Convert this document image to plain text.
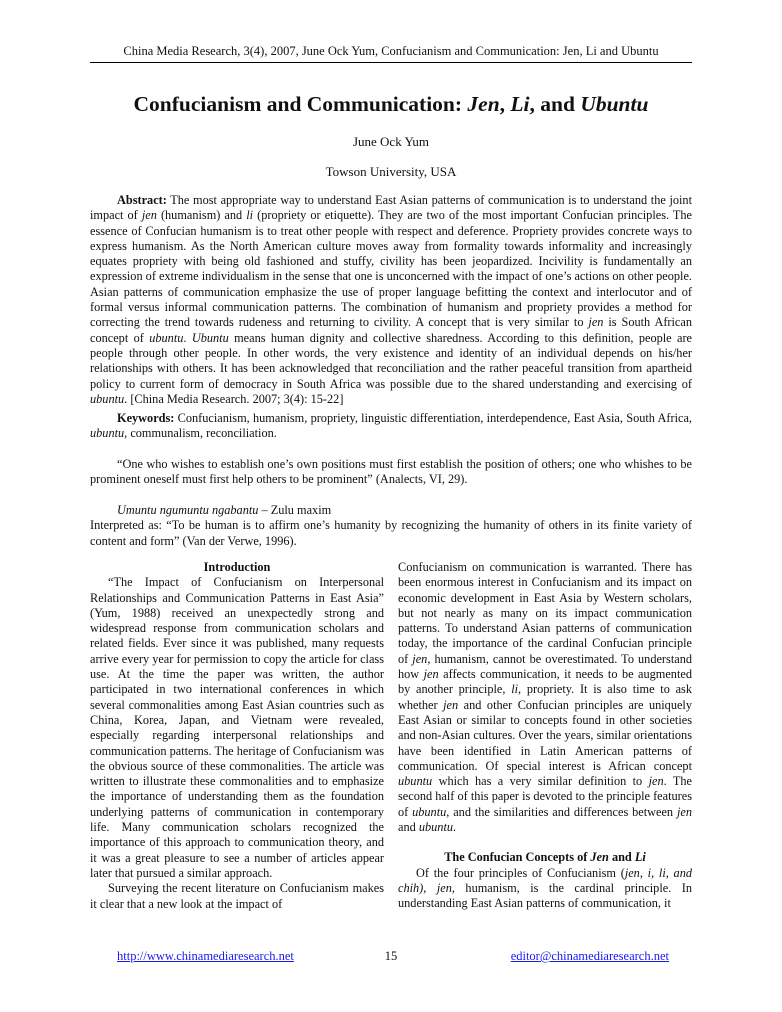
China Media Research, 3(4), 2007, June Ock Yum, Confucianism and Communication: Jen, Li and Ubuntu
Confucianism and Communication: Jen, Li, and Ubuntu
June Ock Yum
Towson University, USA

Abstract: The most appropriate way to understand East Asian patterns of communication is to understand the joint impact of jen (humanism) and li (propriety or etiquette). They are two of the most important Confucian principles. The essence of Confucian humanism is to treat other people with respect and deference. Propriety provides concrete ways to express humanism. As the North American culture moves away from formality towards informality and increasingly equates propriety with being old fashioned and stuffy, civility has been jeopardized. Incivility is fundamentally an expression of extreme individualism in the sense that one is unconcerned with the impact of one’s actions on other people. Asian patterns of communication emphasize the use of proper language befitting the context and interlocutor and of formal versus informal communication patterns. The combination of humanism and propriety provides a method for correcting the trend towards rudeness and returning to civility. A concept that is very similar to jen is South African concept of ubuntu. Ubuntu means human dignity and collective sharedness. According to this definition, people are people through other people. In other words, the very existence and identity of an individual depends on his/her relationships with others. It has been acknowledged that reconciliation and the rather peaceful transition from apartheid policy to current form of democracy in South Africa was possible due to the shared understanding and exercising of ubuntu. [China Media Research. 2007; 3(4): 15-22]

Keywords: Confucianism, humanism, propriety, linguistic differentiation, interdependence, East Asia, South Africa, ubuntu, communalism, reconciliation.

“One who wishes to establish one’s own positions must first establish the position of others; one who whishes to be prominent oneself must first help others to be prominent” (Analects, VI, 29).

Umuntu ngumuntu ngabantu – Zulu maxim
Interpreted as: “To be human is to affirm one’s humanity by recognizing the humanity of others in its finite variety of content and form” (Van der Verwe, 1996).
Introduction

“The Impact of Confucianism on Interpersonal Relationships and Communication Patterns in East Asia” (Yum, 1988) received an unexpectedly strong and widespread response from communication scholars and related fields. Ever since it was published, many requests arrive every year for permission to copy the article for class use. At the time the paper was written, the author participated in two international conferences in which several commonalities among East Asian countries such as China, Korea, Japan, and Vietnam were revealed, especially regarding interpersonal relationships and communication patterns. The heritage of Confucianism was the obvious source of these commonalities. The article was written to illustrate these commonalities and to emphasize the importance of understanding them as the foundation underlying patterns of communication in contemporary life. Many communication scholars recognized the importance of this approach to communication theory, and it was a great pleasure to see a number of articles appear later that pursued a similar approach.

Surveying the recent literature on Confucianism makes it clear that a new look at the impact of

Confucianism on communication is warranted. There has been enormous interest in Confucianism and its impact on economic development in East Asia by Western scholars, but not nearly as many on its impact communication patterns. To understand Asian patterns of communication today, the importance of the cardinal Confucian principle of jen, humanism, cannot be overestimated. To understand how jen affects communication, it needs to be augmented by another principle, li, propriety. It is also time to ask whether jen and other Confucian principles are uniquely East Asian or similar to concepts found in other societies and non-Asian cultures. Over the years, similar orientations have been identified in Latin American patterns of communication. Of special interest is African concept ubuntu which has a very similar definition to jen. The second half of this paper is devoted to the principle features of ubuntu, and the similarities and differences between jen and ubuntu.

The Confucian Concepts of Jen and Li

Of the four principles of Confucianism (jen, i, li, and chih), jen, humanism, is the cardinal principle. In understanding East Asian patterns of communication, it

http://www.chinamediaresearch.net	15	editor@chinamediaresearch.net
